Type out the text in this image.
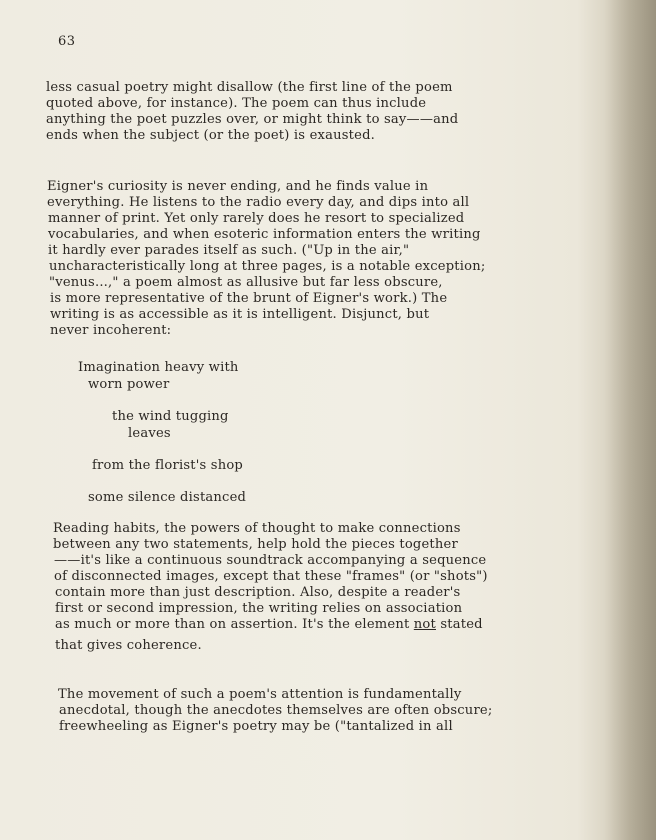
63
less casual poetry might disallow (the first line of the poem
quoted above, for instance). The poem can thus include
anything the poet puzzles over, or might think to say——and
ends when the subject (or the poet) is exausted.
Eigner's curiosity is never ending, and he finds value in
everything. He listens to the radio every day, and dips into all
manner of print. Yet only rarely does he resort to specialized
vocabularies, and when esoteric information enters the writing
it hardly ever parades itself as such. ("Up in the air,"
uncharacteristically long at three pages, is a notable exception;
"venus...," a poem almost as allusive but far less obscure,
is more representative of the brunt of Eigner's work.) The
writing is as accessible as it is intelligent. Disjunct, but
never incoherent:
Imagination heavy with
worn power
the wind tugging
leaves
from the florist's shop
some silence distanced
Reading habits, the powers of thought to make connections
between any two statements, help hold the pieces together
——it's like a continuous soundtrack accompanying a sequence
of disconnected images, except that these "frames" (or "shots")
contain more than just description. Also, despite a reader's
first or second impression, the writing relies on association
as much or more than on assertion. It's the element not stated
that gives coherence.
The movement of such a poem's attention is fundamentally
anecdotal, though the anecdotes themselves are often obscure;
freewheeling as Eigner's poetry may be ("tantalized in all
